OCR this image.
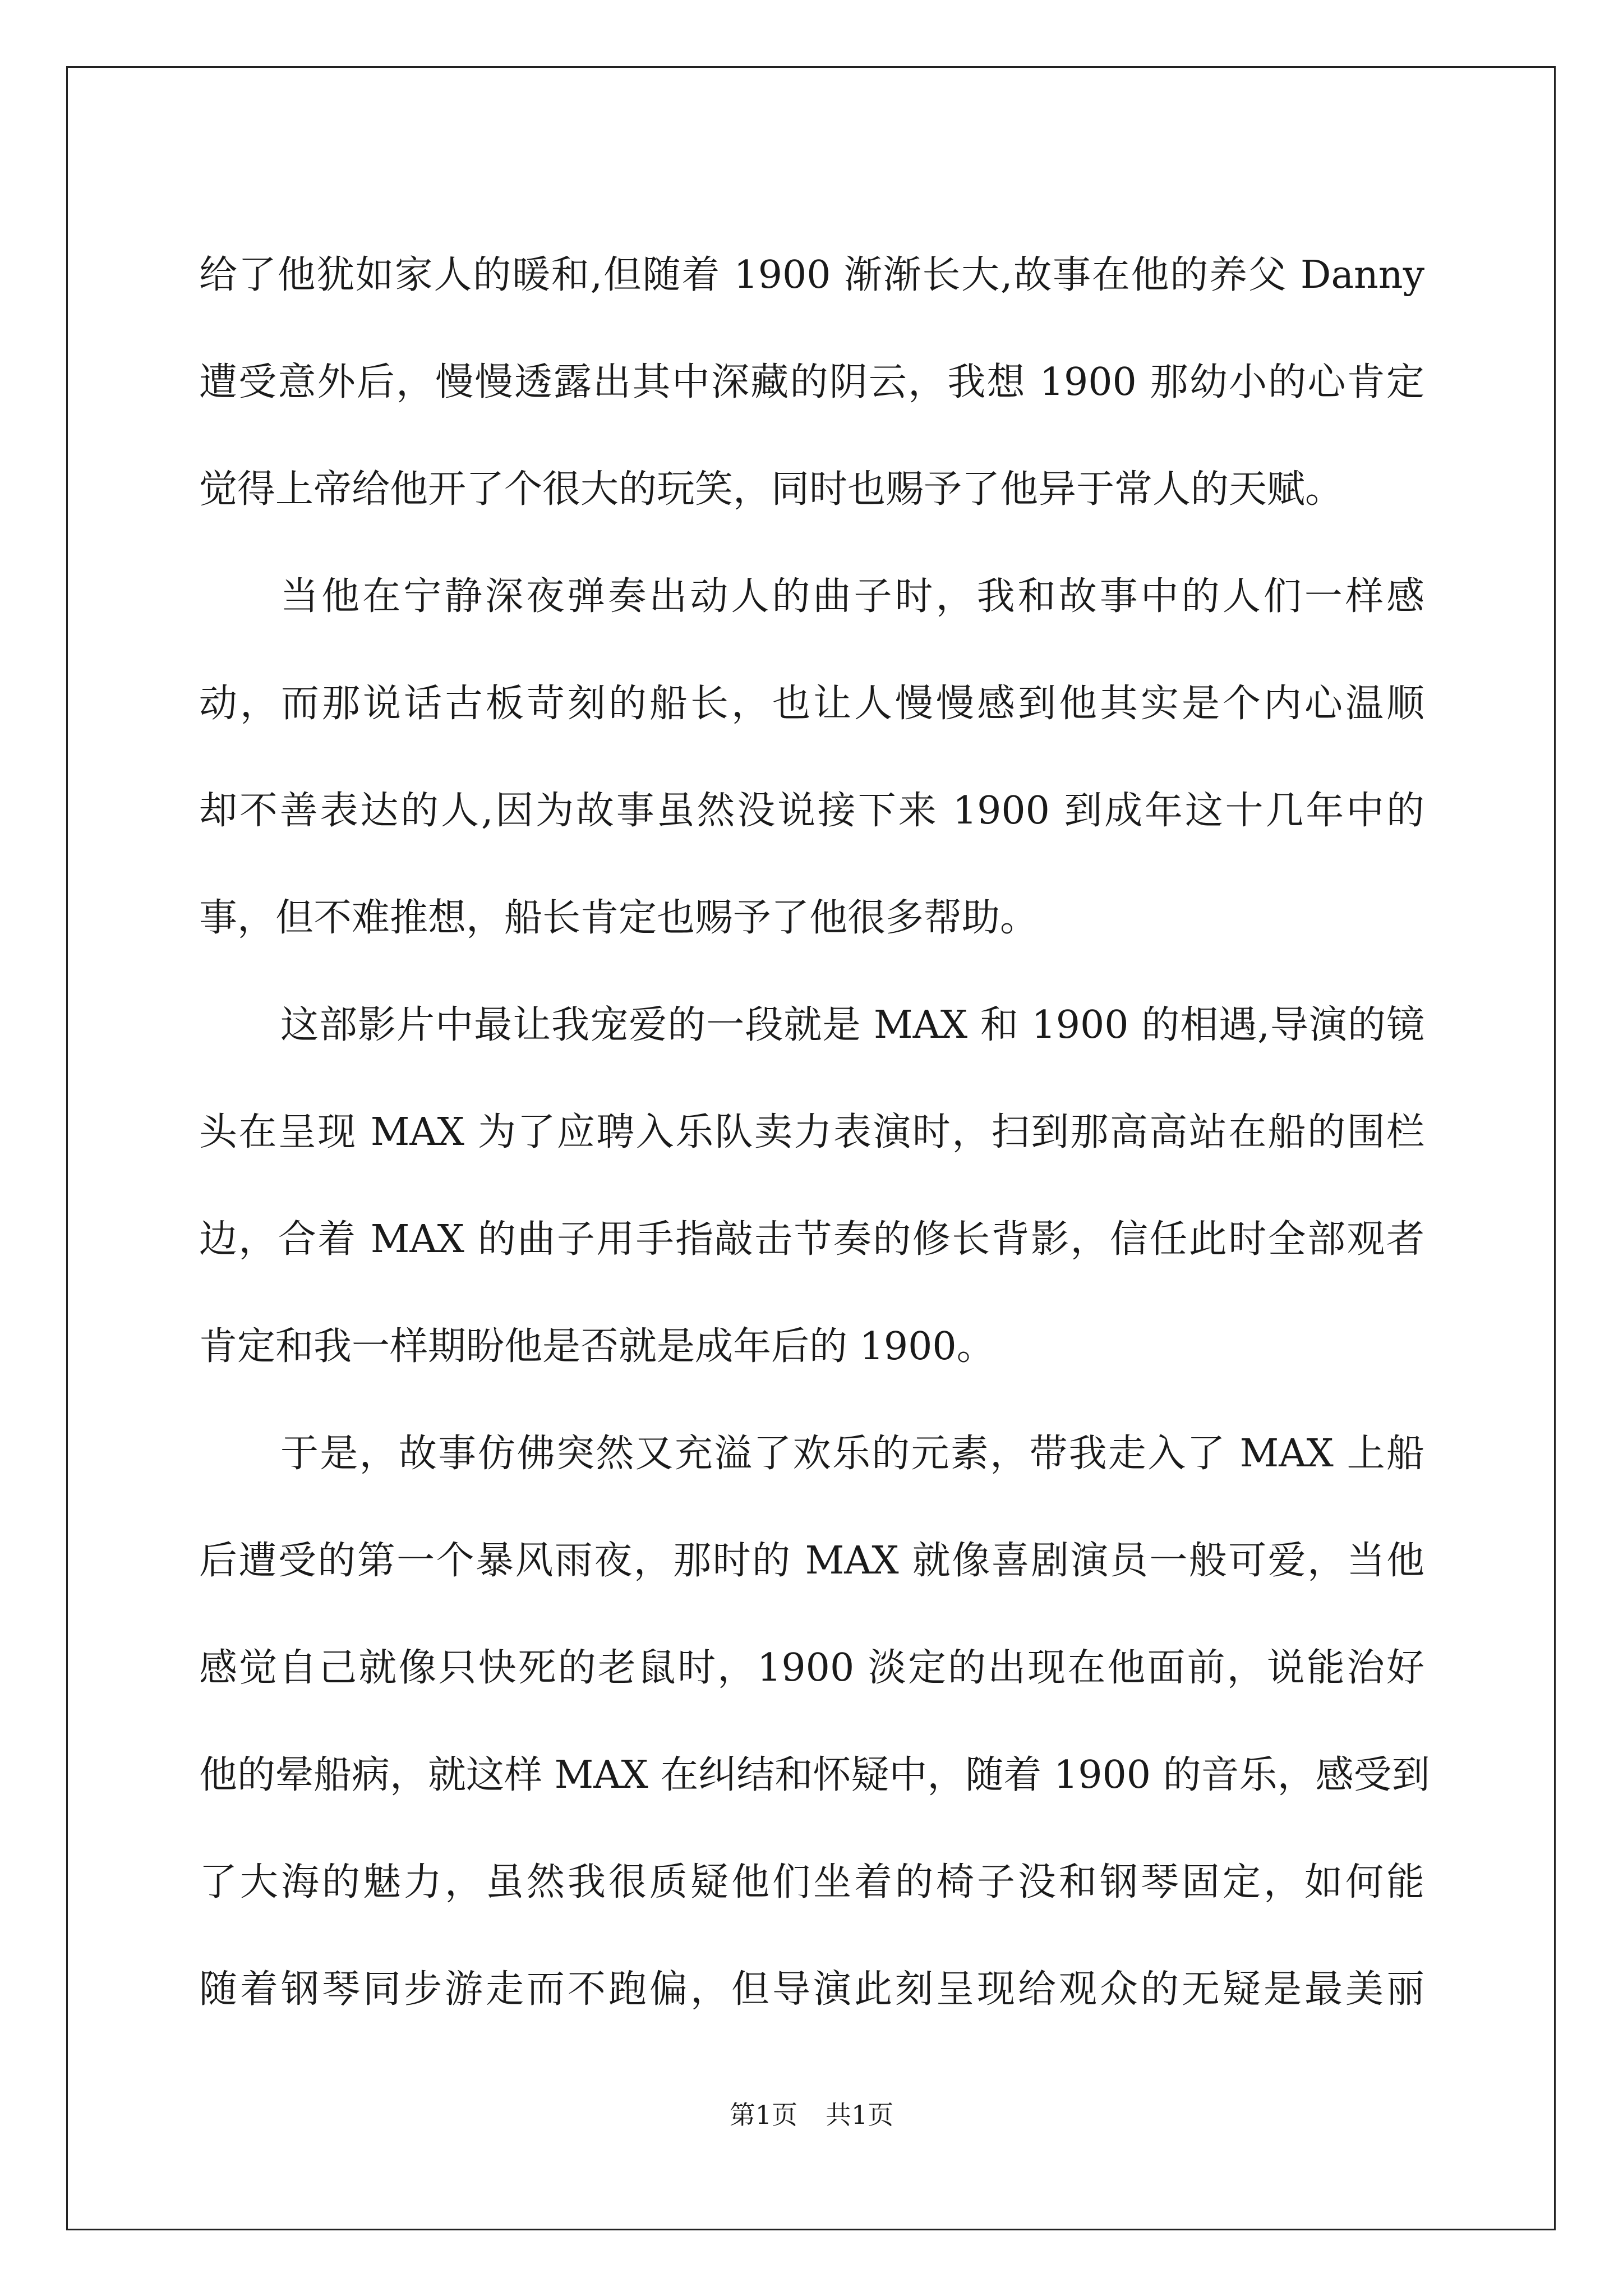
给了他犹如家人的暖和,但随着 1900 渐渐长大,故事在他的养父 Danny
遭受意外后，慢慢透露出其中深藏的阴云，我想 1900 那幼小的心肯定
觉得上帝给他开了个很大的玩笑，同时也赐予了他异于常人的天赋。
当他在宁静深夜弹奏出动人的曲子时，我和故事中的人们一样感
动，而那说话古板苛刻的船长，也让人慢慢感到他其实是个内心温顺
却不善表达的人,因为故事虽然没说接下来 1900 到成年这十几年中的
事，但不难推想，船长肯定也赐予了他很多帮助。
这部影片中最让我宠爱的一段就是 MAX 和 1900 的相遇,导演的镜
头在呈现 MAX 为了应聘入乐队卖力表演时，扫到那高高站在船的围栏
边，合着 MAX 的曲子用手指敲击节奏的修长背影，信任此时全部观者
肯定和我一样期盼他是否就是成年后的 1900。
于是，故事仿佛突然又充溢了欢乐的元素，带我走入了 MAX 上船
后遭受的第一个暴风雨夜，那时的 MAX 就像喜剧演员一般可爱，当他
感觉自己就像只快死的老鼠时，1900 淡定的出现在他面前，说能治好
他的晕船病，就这样 MAX 在纠结和怀疑中，随着 1900 的音乐，感受到
了大海的魅力，虽然我很质疑他们坐着的椅子没和钢琴固定，如何能
随着钢琴同步游走而不跑偏，但导演此刻呈现给观众的无疑是最美丽
第1页 共1页
